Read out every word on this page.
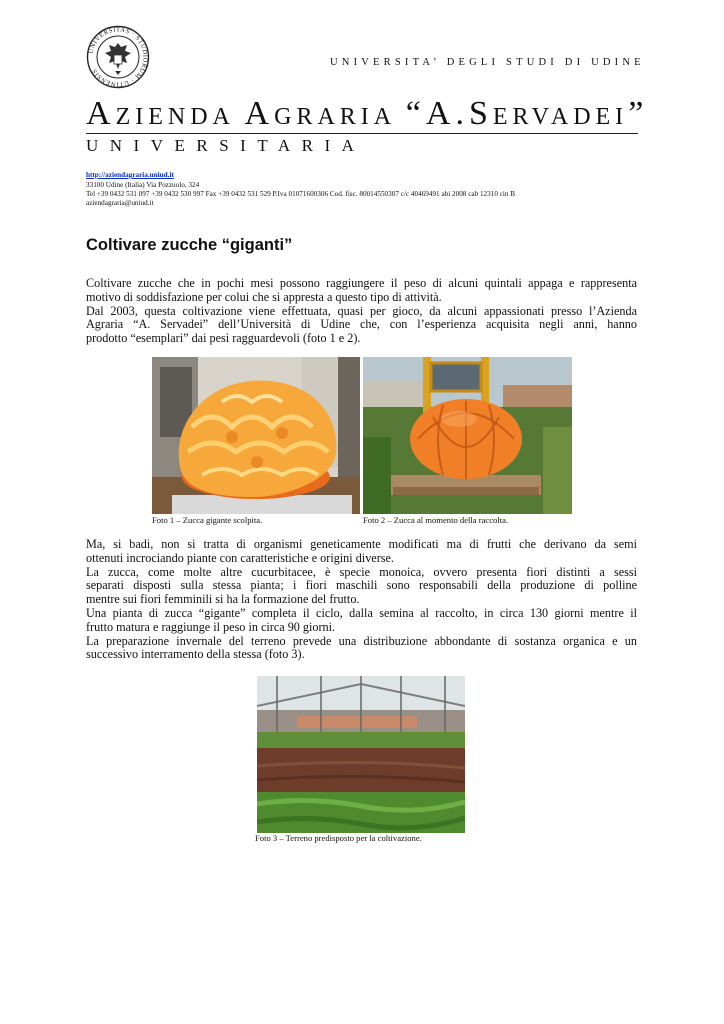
UNIVERSITAS · STUDIORUM · UTINENSIS
UNIVERSITA’ DEGLI STUDI DI UDINE
AZIENDA AGRARIA “A.SERVADEI”
UNIVERSITARIA
http://aziendagraria.uniud.it
33100 Udine (Italia) Via Pozzuolo, 324
Tel +39 0432 531 097 +39 0432 530 997 Fax +39 0432 531 529 P.Iva 01071600306 Cod. fisc. 80014550307 c/c 40469491 abi 2008 cab 12310 cin B
aziendagraria@uniud.it
Coltivare zucche “giganti”

Coltivare zucche che in pochi mesi possono raggiungere il peso di alcuni quintali appaga e rappresenta

motivo di soddisfazione per colui che si appresta a questo tipo di attività.

Dal 2003, questa coltivazione viene effettuata, quasi per gioco, da alcuni appassionati presso l’Azienda

Agraria “A. Servadei” dell’Università di Udine che, con l’esperienza acquisita negli anni, hanno

prodotto “esemplari” dai pesi ragguardevoli (foto 1 e 2).

Foto 1 – Zucca gigante scolpita.	Foto 2 – Zucca al momento della raccolta.

Ma, si badi, non si tratta di organismi geneticamente modificati ma di frutti che derivano da semi

ottenuti incrociando piante con caratteristiche e origini diverse.

La zucca, come molte altre cucurbitacee, è specie monoica, ovvero presenta fiori distinti a sessi

separati disposti sulla stessa pianta; i fiori maschili sono responsabili della produzione di polline

mentre sui fiori femminili si ha la formazione del frutto.

Una pianta di zucca “gigante” completa il ciclo, dalla semina al raccolto, in circa 130 giorni mentre il

frutto matura e raggiunge il peso in circa 90 giorni.

La preparazione invernale del terreno prevede una distribuzione abbondante di sostanza organica e un

successivo interramento della stessa (foto 3).

Foto 3 – Terreno predisposto per la coltivazione.
